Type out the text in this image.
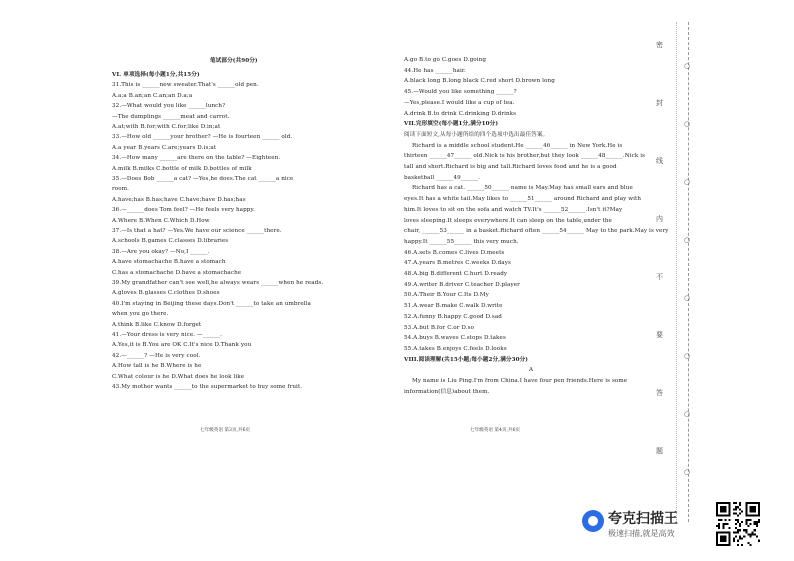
笔试部分(共90分)
VI. 单项选择(每小题1分,共15分)
31.This is ______new sweater.That's ______old pen.
A.a;a B.an;an C.an;an D.a;a
32.—What would you like ______lunch?
—The dumplings ______meat and carrot.
A.at;with B.for;with C.for;like D.in;at
33.—How old ______your brother? —He is fourteen ______ old.
A.a year B.years C.are;years D.is;at
34.—How many ______are there on the table? —Eighteen.
A.milk B.milks C.bottle of milk D.bottles of milk
35.—Does Bob ______a cat? —Yes,he does.The cat ______a nice
room.
A.have;has B.has;have C.have;have D.has;has
36.—______does Tom feel? —He feels very happy.
A.Where B.When C.Which D.How
37.—Is that a hat? —Yes.We have our science ______there.
A.schools B.games C.classes D.libraries
38.—Are you okay? —No,I ______.
A.have stomachache B.have a stomach
C.has a stomachache D.have a stomachache
39.My grandfather can't see well,he always wears ______when he reads.
A.gloves B.glasses C.clothes D.shoes
40.I'm staying in Beijing these days.Don't ______to take an umbrella
when you go there.
A.think B.like C.know D.forget
41.—Your dress is very nice. —______.
A.Yes,it is B.You are OK C.It's nice D.Thank you
42.—______? —He is very cool.
A.How tall is he B.Where is he
C.What colour is he D.What does he look like
43.My mother wants ______to the supermarket to buy some fruit.
A.go B.to go C.goes D.going
44.He has ______hair.
A.black long B.long black C.red short D.brown long
45.—Would you like something ______?
—Yes,please.I would like a cup of tea.
A.drink B.to drink C.drinking D.drinks
VII.完形填空(每小题1分,满分10分)
阅读下面短文,从每小题所给的四个选项中选出最佳答案。
Richard is a middle school student.He ______46______ in New York.He is
thirteen ______47______ old.Nick is his brother,but they look ______48______.Nick is
tall and short.Richard is big and tall.Richard loves food and he is a good
basketball ______49______.
Richard has a cat. ______50______ name is May.May has small ears and blue
eyes.It has a white tail.May likes to ______51______ around Richard and play with
him.It loves to sit on the sofa and watch TV.It's ______52______.Isn't it?May
loves sleeping.It sleeps everywhere.It can sleep on the table,under the
chair, ______53______ in a basket.Richard often ______54______ May to the park.May is very
happy.It ______55______ this very much.
46.A.sets B.comes C.lives D.meets
47.A.years B.metres C.weeks D.days
48.A.big B.different C.hurt D.ready
49.A.writer B.driver C.teacher D.player
50.A.Their B.Your C.Its D.My
51.A.wear B.make C.walk D.write
52.A.funny B.happy C.good D.sad
53.A.but B.for C.or D.so
54.A.buys B.waves C.stops D.takes
55.A.takes B.enjoys C.feels D.looks
VIII.阅读理解(共15小题;每小题2分,满分30分)
A
My name is Liu Ping.I'm from China.I have four pen friends.Here is some
information(信息)about them.
七年级英语 第3页,共6页	七年级英语 第4页,共6页
密
○
封
○
线
○
内
○
不
○
要
○
答
○
题
○
夸克扫描王
极速扫描,就是高效
